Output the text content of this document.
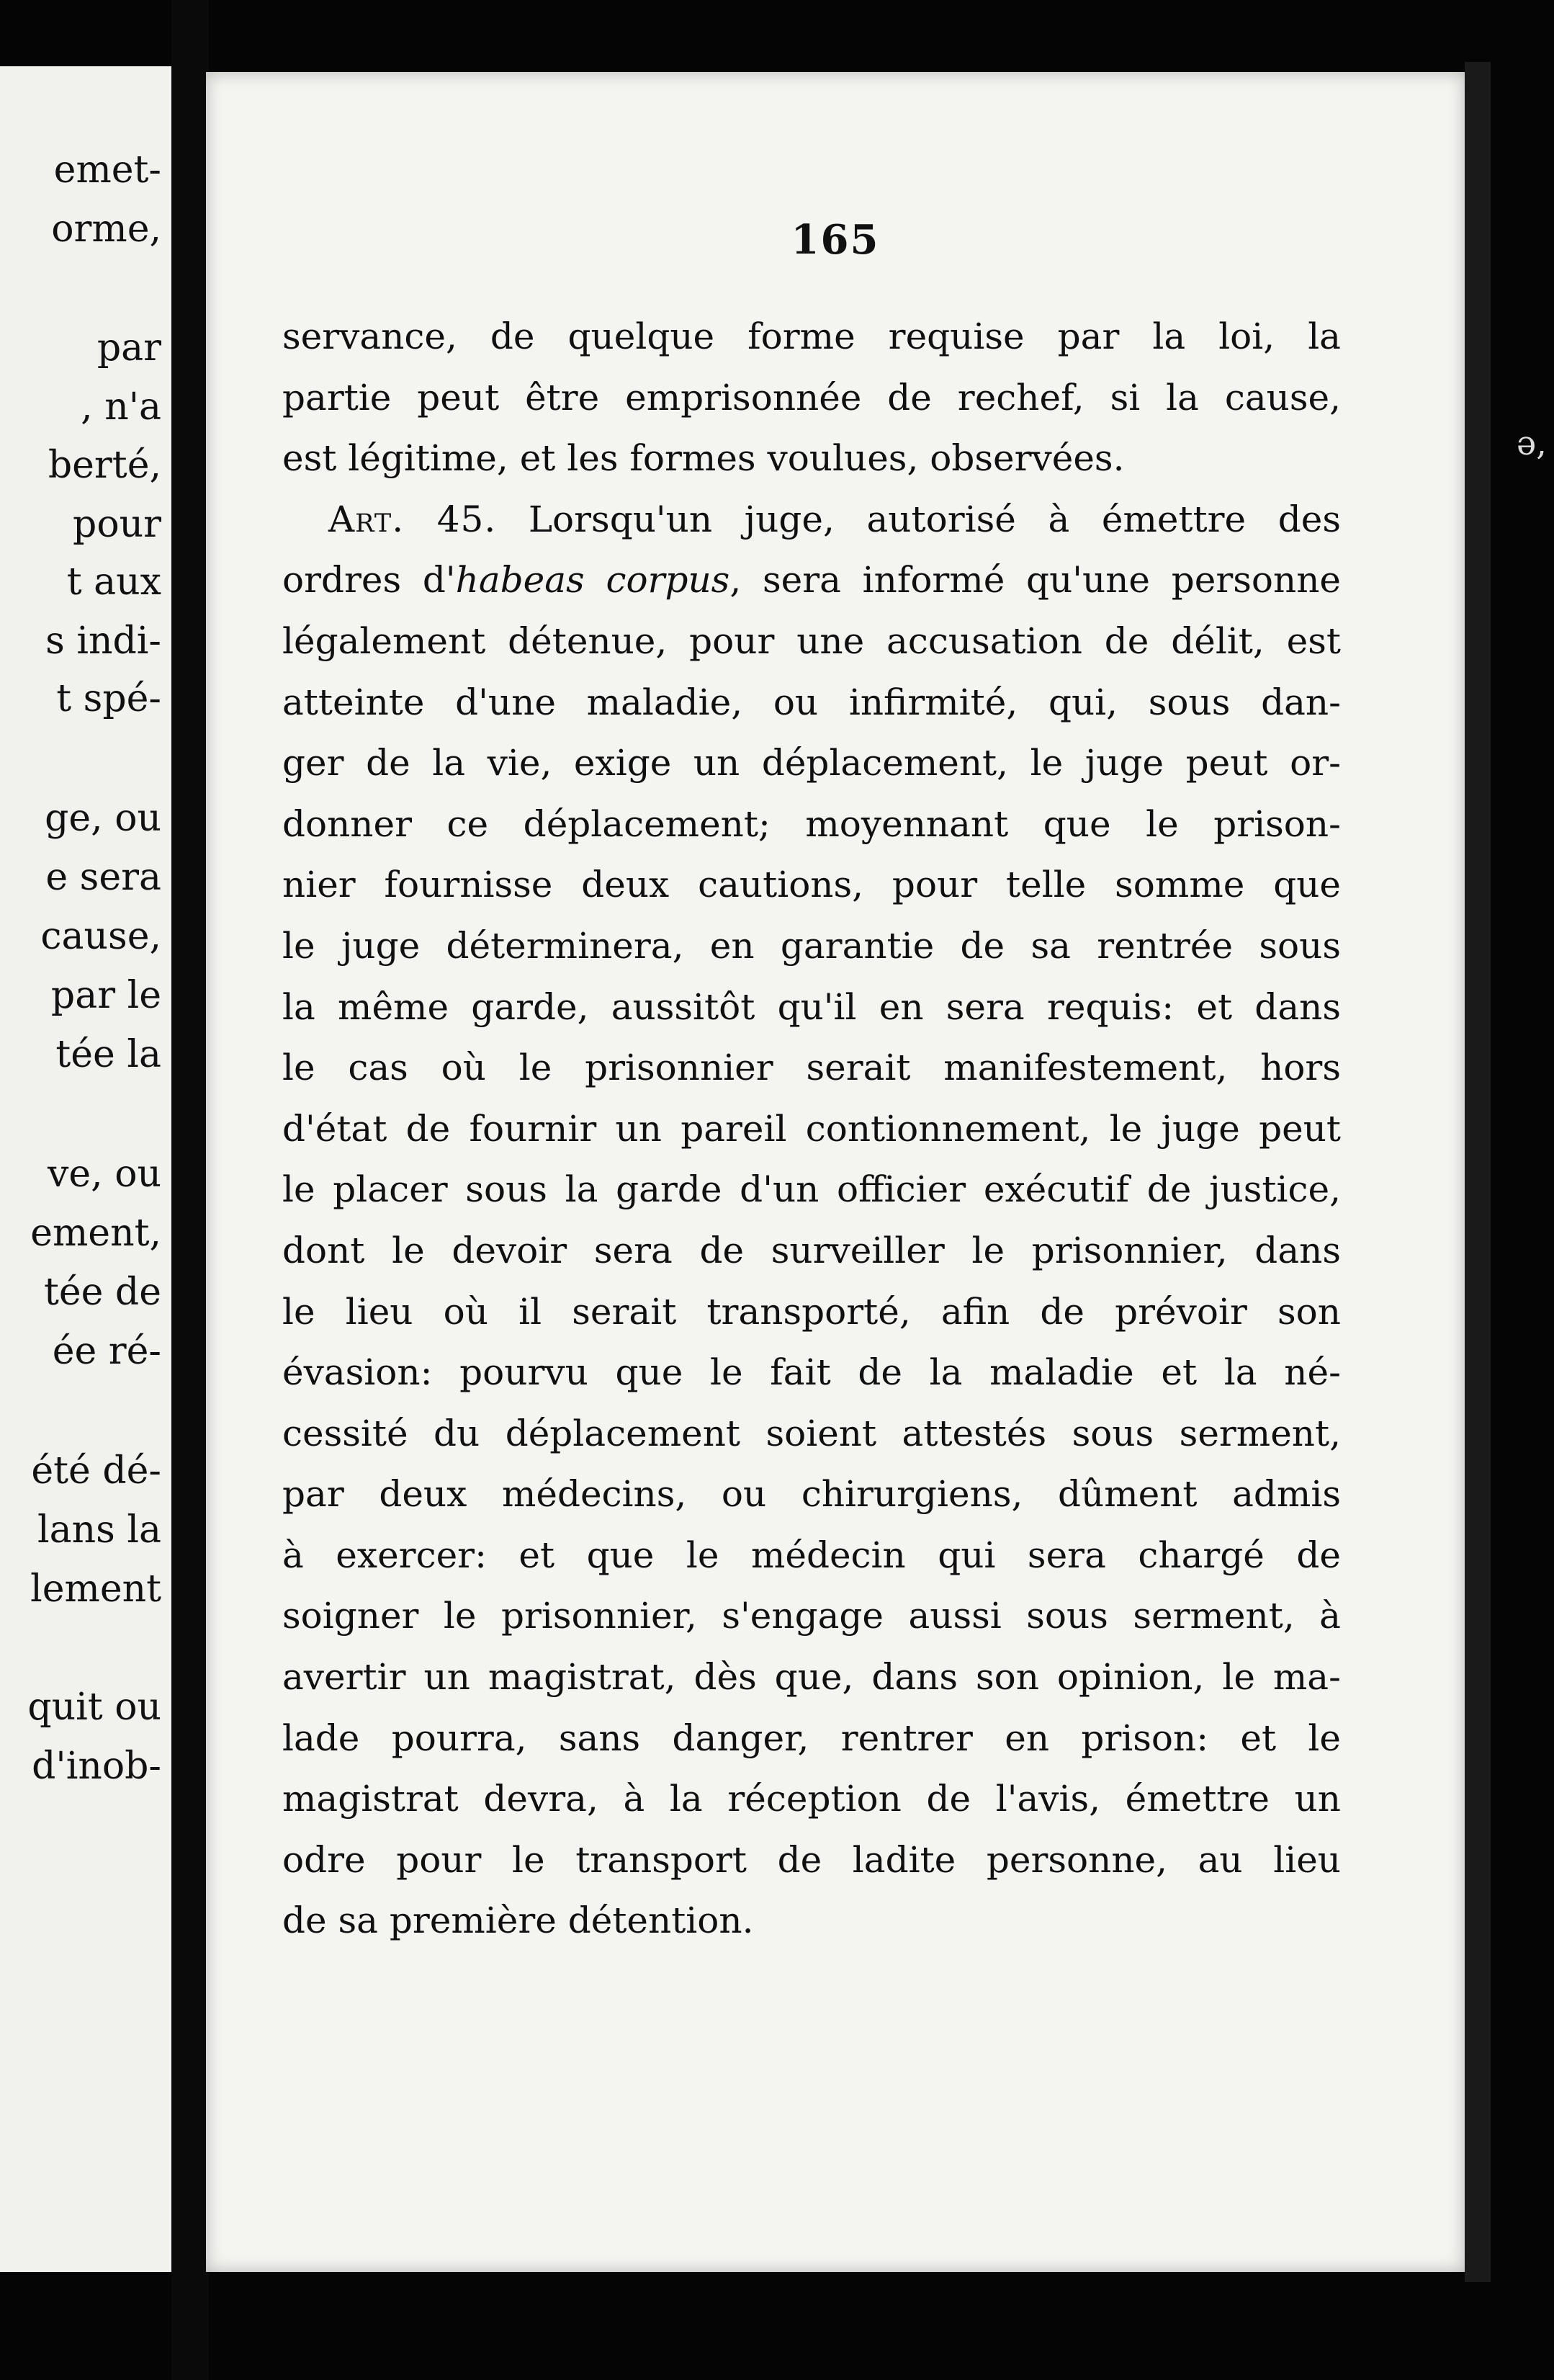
emet-
orme,
par
, n'a
berté,
pour
t aux
s indi-
t spé-
ge, ou
e sera
cause,
par le
tée la
ve, ou
ement,
tée de
ée ré-
été dé-
lans la
lement
quit ou
d'inob-
165
servance, de quelque forme requise par la loi, la
partie peut être emprisonnée de rechef, si la cause,
est légitime, et les formes voulues, observées.
Art. 45. Lorsqu'un juge, autorisé à émettre des
ordres d'habeas corpus, sera informé qu'une personne
légalement détenue, pour une accusation de délit, est
atteinte d'une maladie, ou infirmité, qui, sous dan-
ger de la vie, exige un déplacement, le juge peut or-
donner ce déplacement; moyennant que le prison-
nier fournisse deux cautions, pour telle somme que
le juge déterminera, en garantie de sa rentrée sous
la même garde, aussitôt qu'il en sera requis: et dans
le cas où le prisonnier serait manifestement, hors
d'état de fournir un pareil contionnement, le juge peut
le placer sous la garde d'un officier exécutif de justice,
dont le devoir sera de surveiller le prisonnier, dans
le lieu où il serait transporté, afin de prévoir son
évasion: pourvu que le fait de la maladie et la né-
cessité du déplacement soient attestés sous serment,
par deux médecins, ou chirurgiens, dûment admis
à exercer: et que le médecin qui sera chargé de
soigner le prisonnier, s'engage aussi sous serment, à
avertir un magistrat, dès que, dans son opinion, le ma-
lade pourra, sans danger, rentrer en prison: et le
magistrat devra, à la réception de l'avis, émettre un
odre pour le transport de ladite personne, au lieu
de sa première détention.
ǝ,
